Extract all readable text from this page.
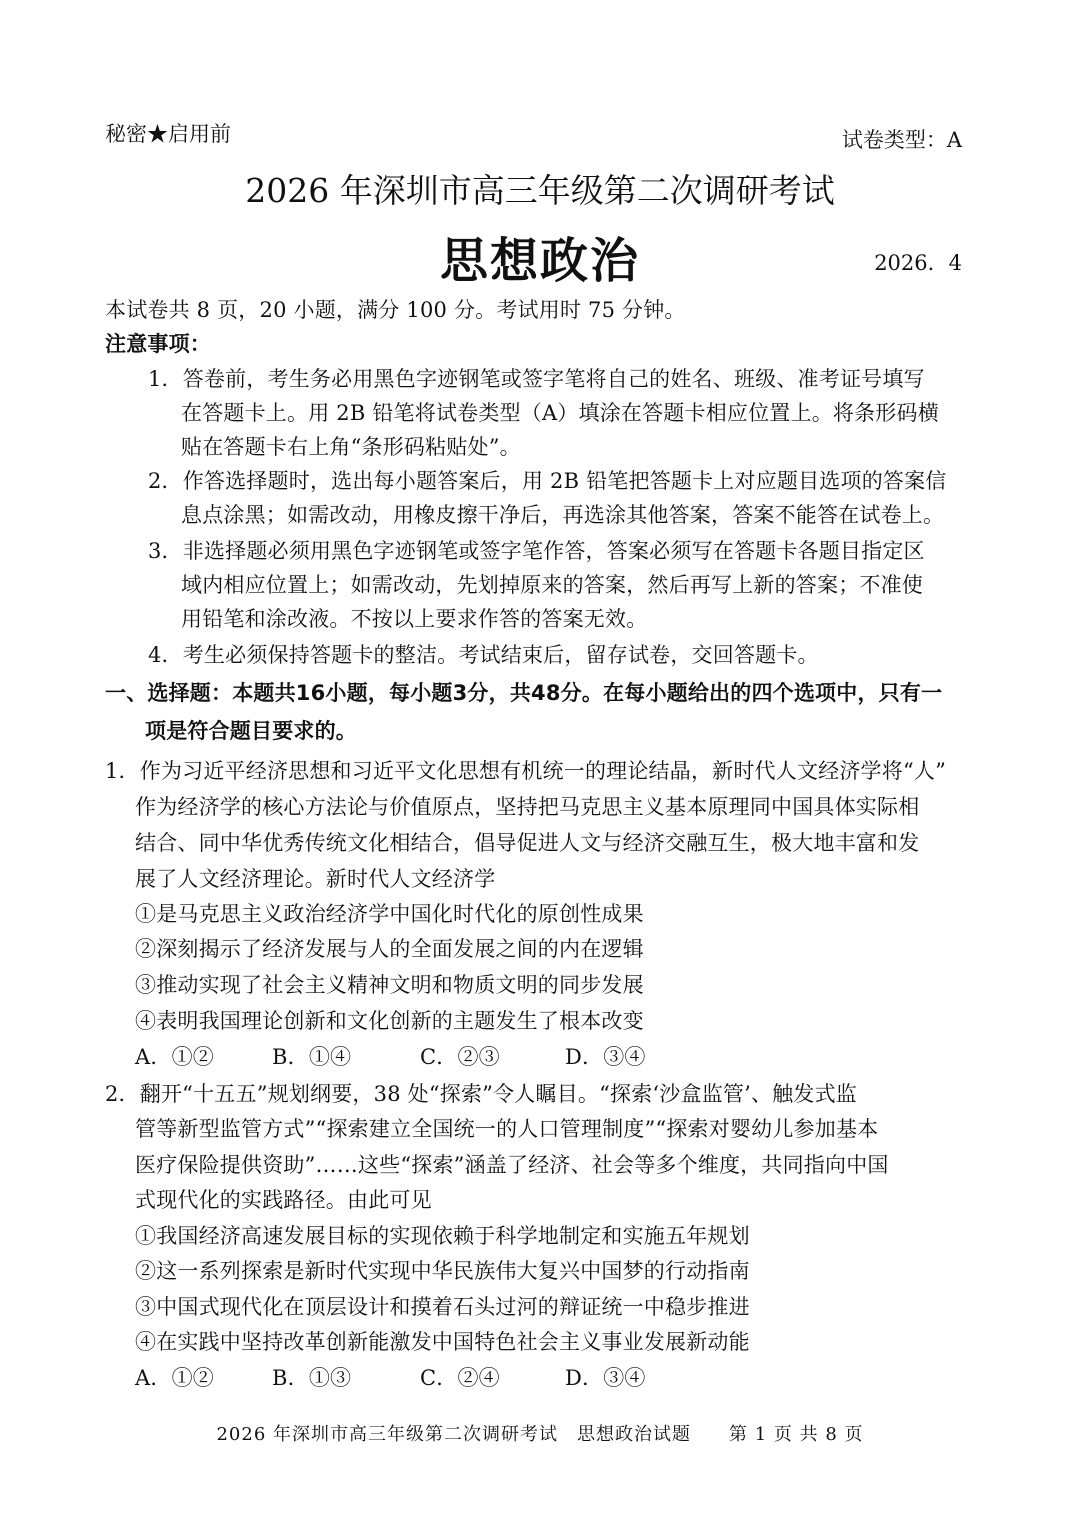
秘密★启用前	试卷类型：A
2026 年深圳市高三年级第二次调研考试
思想政治	2026．4
本试卷共 8 页，20 小题，满分 100 分。考试用时 75 分钟。
注意事项：
1．答卷前，考生务必用黑色字迹钢笔或签字笔将自己的姓名、班级、准考证号填写
在答题卡上。用 2B 铅笔将试卷类型（A）填涂在答题卡相应位置上。将条形码横
贴在答题卡右上角“条形码粘贴处”。
2．作答选择题时，选出每小题答案后，用 2B 铅笔把答题卡上对应题目选项的答案信
息点涂黑；如需改动，用橡皮擦干净后，再选涂其他答案，答案不能答在试卷上。
3．非选择题必须用黑色字迹钢笔或签字笔作答，答案必须写在答题卡各题目指定区
域内相应位置上；如需改动，先划掉原来的答案，然后再写上新的答案；不准使
用铅笔和涂改液。不按以上要求作答的答案无效。
4．考生必须保持答题卡的整洁。考试结束后，留存试卷，交回答题卡。
一、选择题：本题共16小题，每小题3分，共48分。在每小题给出的四个选项中，只有一
项是符合题目要求的。
1．作为习近平经济思想和习近平文化思想有机统一的理论结晶，新时代人文经济学将“人”
作为经济学的核心方法论与价值原点，坚持把马克思主义基本原理同中国具体实际相
结合、同中华优秀传统文化相结合，倡导促进人文与经济交融互生，极大地丰富和发
展了人文经济理论。新时代人文经济学
①是马克思主义政治经济学中国化时代化的原创性成果
②深刻揭示了经济发展与人的全面发展之间的内在逻辑
③推动实现了社会主义精神文明和物质文明的同步发展
④表明我国理论创新和文化创新的主题发生了根本改变
A．①②	B．①④	C．②③	D．③④
2．翻开“十五五”规划纲要，38 处“探索”令人瞩目。“探索‘沙盒监管’、触发式监
管等新型监管方式”“探索建立全国统一的人口管理制度”“探索对婴幼儿参加基本
医疗保险提供资助”……这些“探索”涵盖了经济、社会等多个维度，共同指向中国
式现代化的实践路径。由此可见
①我国经济高速发展目标的实现依赖于科学地制定和实施五年规划
②这一系列探索是新时代实现中华民族伟大复兴中国梦的行动指南
③中国式现代化在顶层设计和摸着石头过河的辩证统一中稳步推进
④在实践中坚持改革创新能激发中国特色社会主义事业发展新动能
A．①②	B．①③	C．②④	D．③④
2026 年深圳市高三年级第二次调研考试　思想政治试题　　第 1 页 共 8 页
